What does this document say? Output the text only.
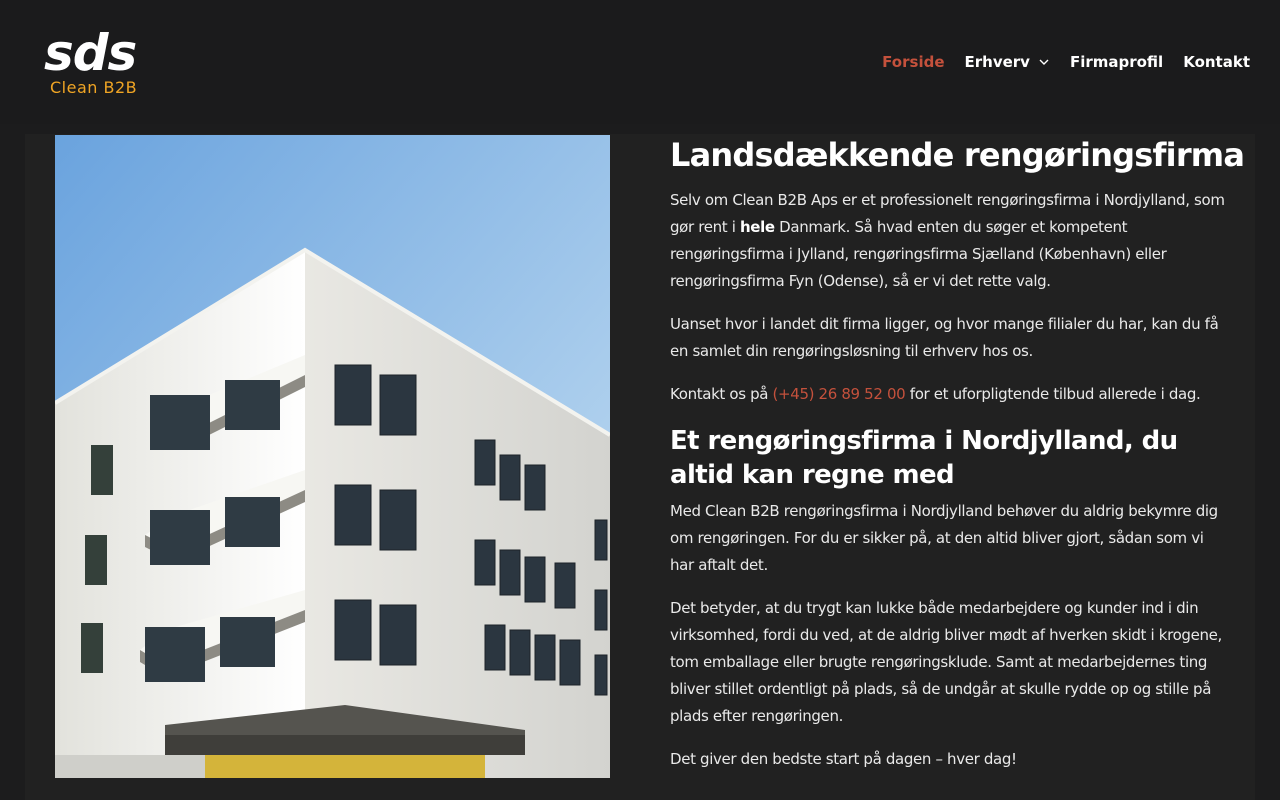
sds
Clean B2B
Forside Erhverv	Firmaprofil Kontakt
Landsdækkende rengøringsfirma

Selv om Clean B2B Aps er et professionelt rengøringsfirma i Nordjylland, som gør rent i hele Danmark. Så hvad enten du søger et kompetent rengøringsfirma i Jylland, rengøringsfirma Sjælland (København) eller rengøringsfirma Fyn (Odense), så er vi det rette valg.

Uanset hvor i landet dit firma ligger, og hvor mange filialer du har, kan du få en samlet din rengøringsløsning til erhverv hos os.

Kontakt os på (+45) 26 89 52 00 for et uforpligtende tilbud allerede i dag.

Et rengøringsfirma i Nordjylland, du altid kan regne med

Med Clean B2B rengøringsfirma i Nordjylland behøver du aldrig bekymre dig om rengøringen. For du er sikker på, at den altid bliver gjort, sådan som vi har aftalt det.

Det betyder, at du trygt kan lukke både medarbejdere og kunder ind i din virksomhed, fordi du ved, at de aldrig bliver mødt af hverken skidt i krogene, tom emballage eller brugte rengøringsklude. Samt at medarbejdernes ting bliver stillet ordentligt på plads, så de undgår at skulle rydde op og stille på plads efter rengøringen.

Det giver den bedste start på dagen – hver dag!
